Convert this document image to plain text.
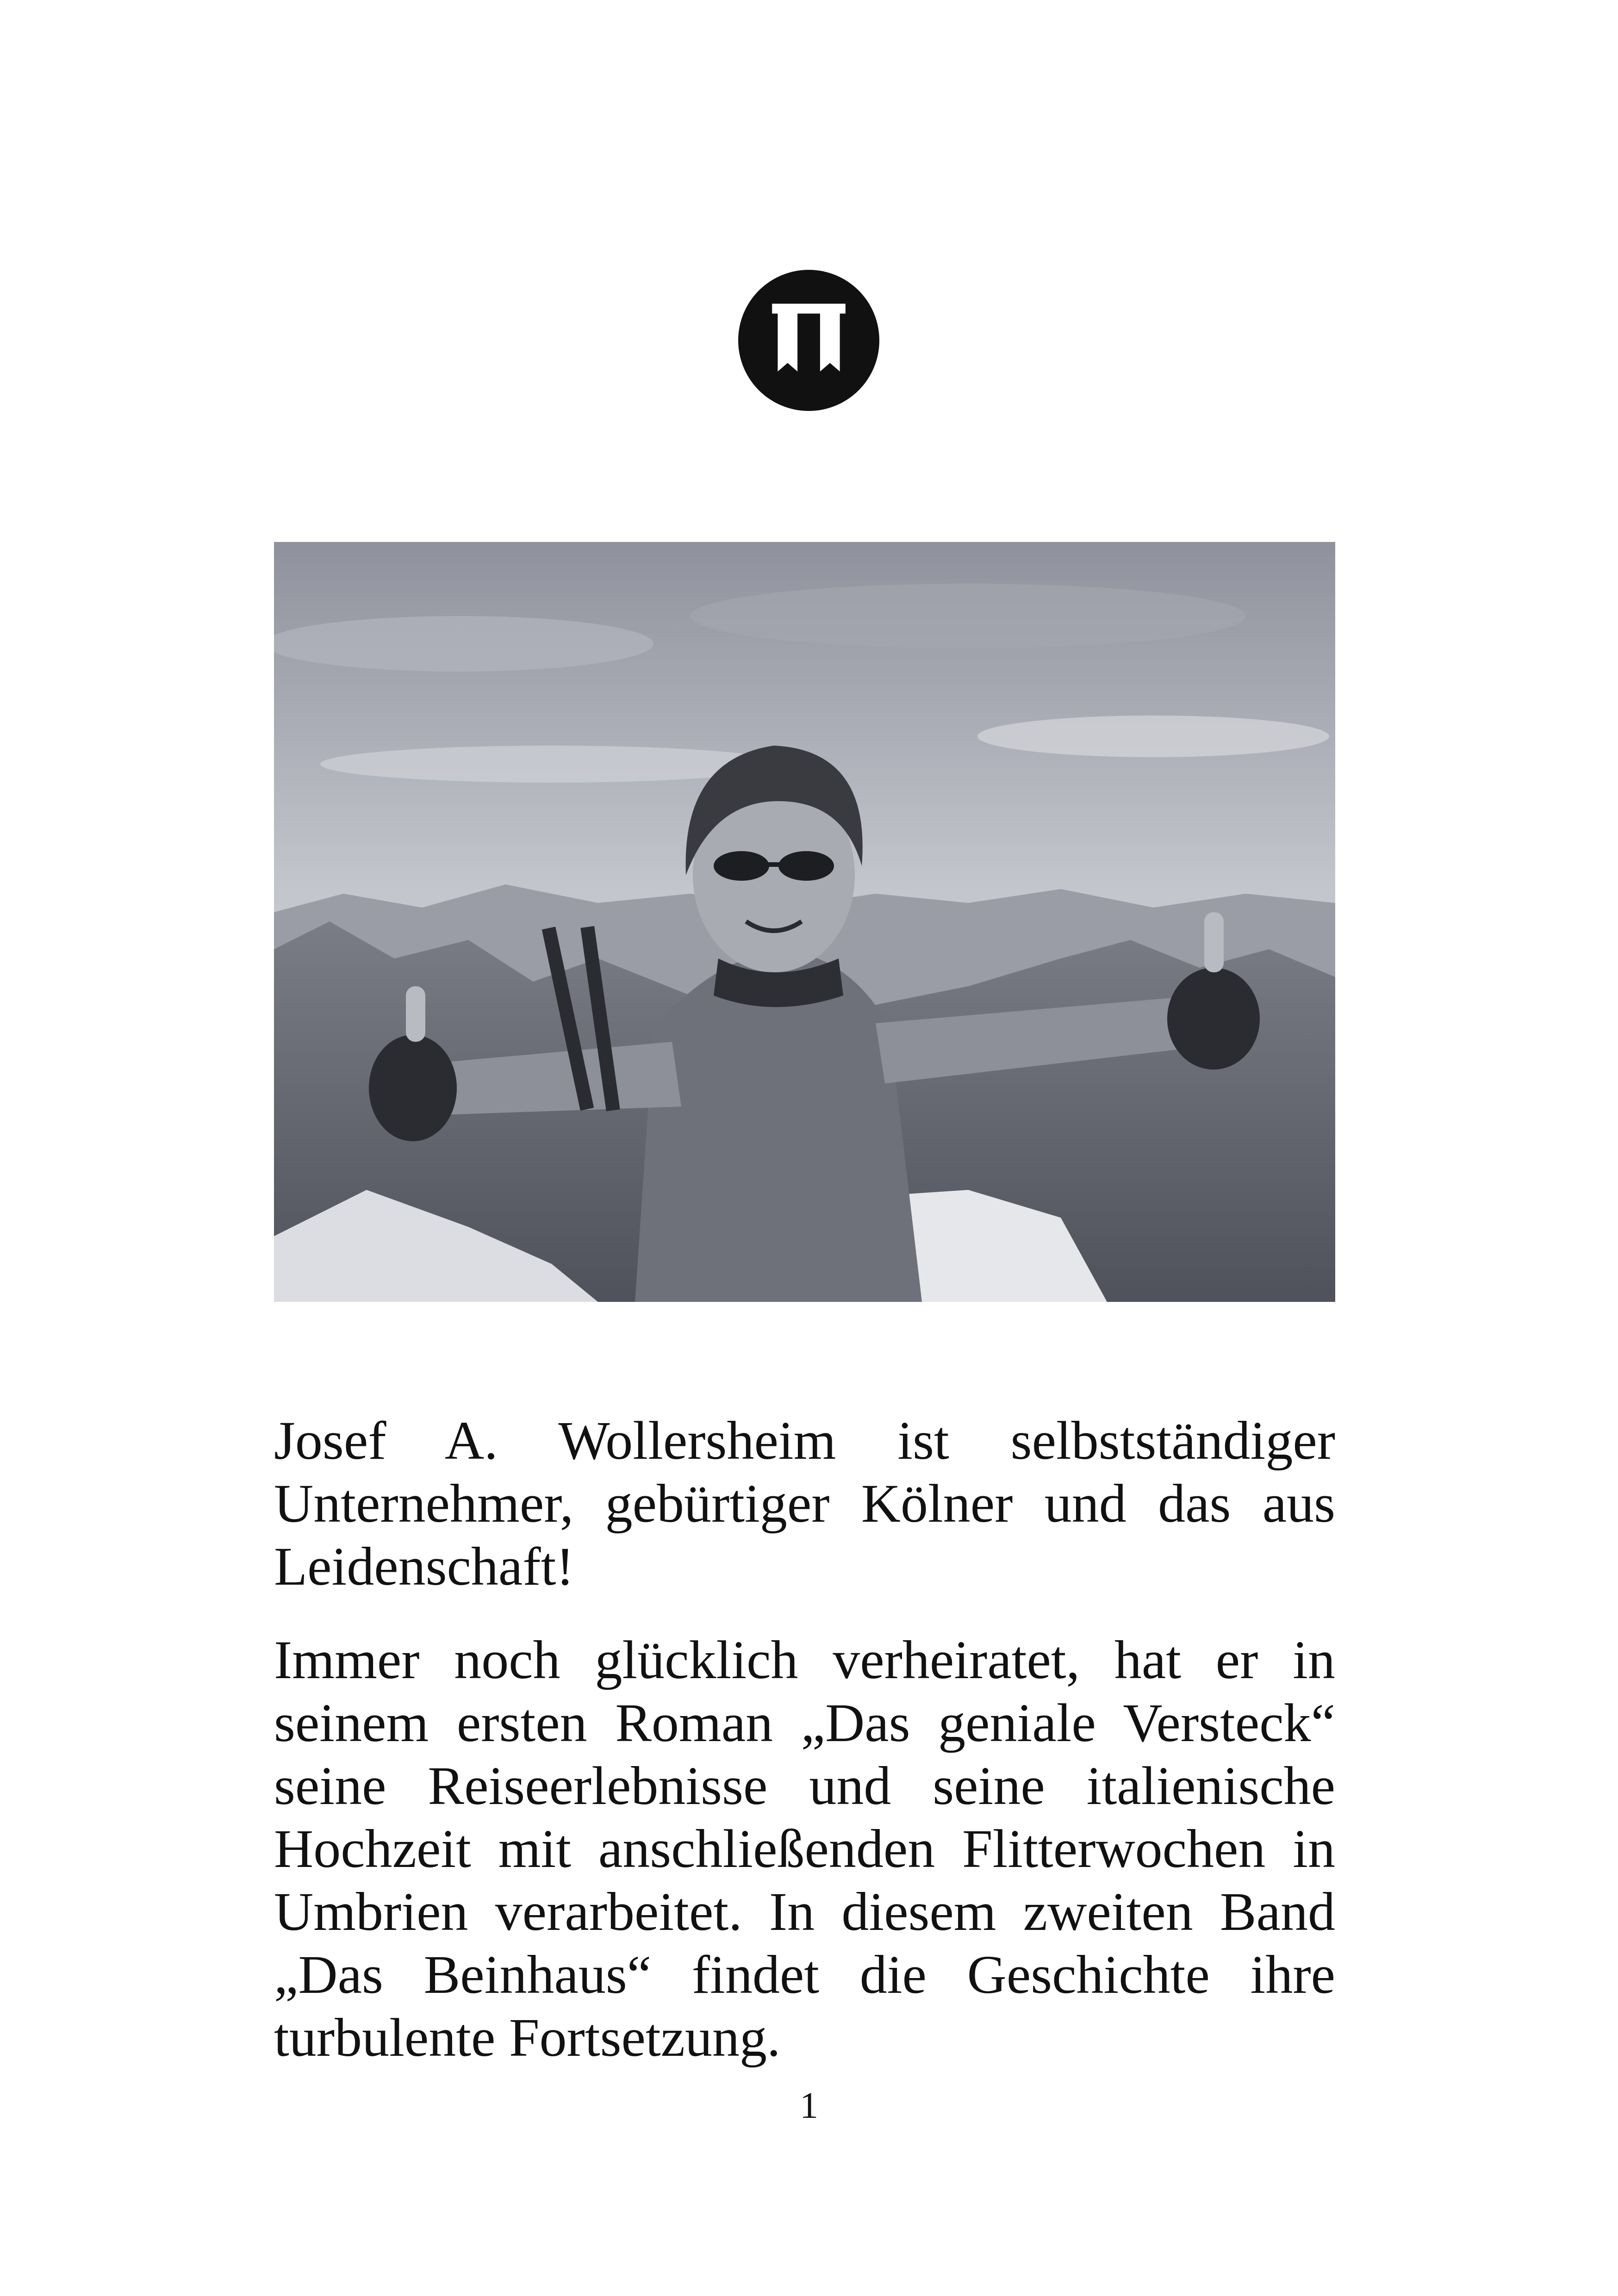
Josef A. Wollersheim ist selbstständiger Unternehmer, gebürtiger Kölner und das aus Leidenschaft!

Immer noch glücklich verheiratet, hat er in seinem ersten Roman „Das geniale Versteck“ seine Reiseerlebnisse und seine italienische Hochzeit mit anschließenden Flitterwochen in Umbrien verarbeitet. In diesem zweiten Band „Das Beinhaus“ findet die Geschichte ihre turbulente Fortsetzung.

1
